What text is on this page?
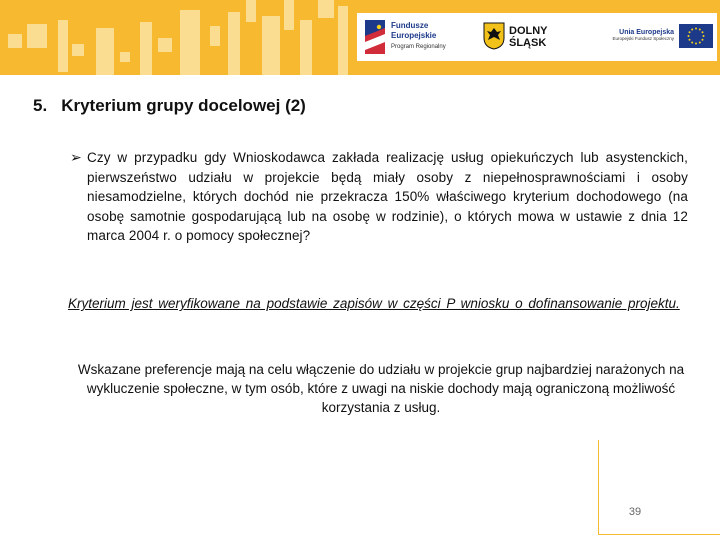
Fundusze
Europejskie
Program Regionalny
DOLNY
ŚLĄSK
Unia Europejska
Europejski Fundusz Społeczny
5. Kryterium grupy docelowej (2)
➢ Czy w przypadku gdy Wnioskodawca zakłada realizację usług opiekuńczych lub asystenckich, pierwszeństwo udziału w projekcie będą miały osoby z niepełnosprawnościami i osoby niesamodzielne, których dochód nie przekracza 150% właściwego kryterium dochodowego (na osobę samotnie gospodarującą lub na osobę w rodzinie), o których mowa w ustawie z dnia 12 marca 2004 r. o pomocy społecznej?

Kryterium jest weryfikowane na podstawie zapisów w części P wniosku o dofinansowanie projektu.

Wskazane preferencje mają na celu włączenie do udziału w projekcie grup najbardziej narażonych na wykluczenie społeczne, w tym osób, które z uwagi na niskie dochody mają ograniczoną możliwość korzystania z usług.

39
